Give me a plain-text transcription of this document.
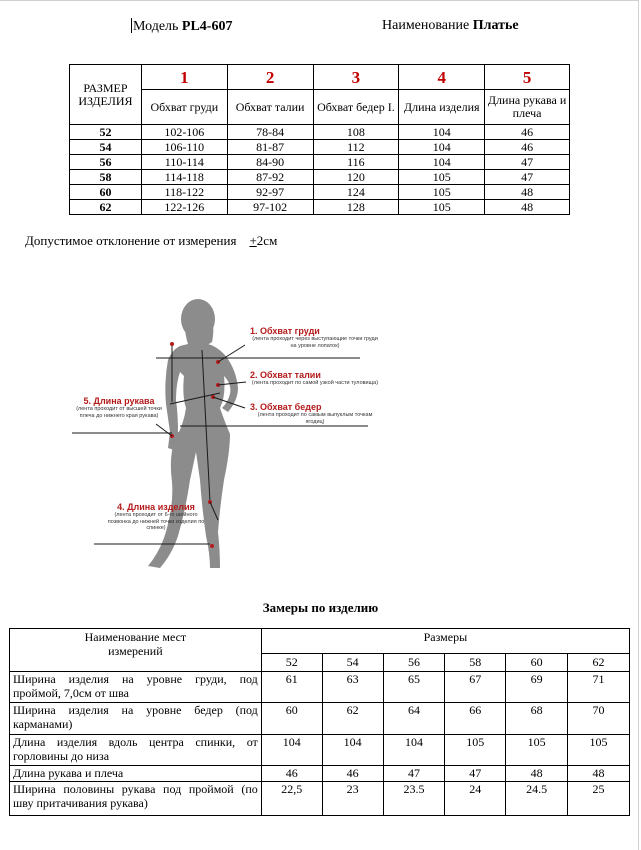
Модель PL4-607	Наименование Платье
РАЗМЕР ИЗДЕЛИЯ	1	2	3	4	5
	Обхват груди	Обхват талии	Обхват бедер I.	Длина изделия	Длина рукава и плеча
52	102-106	78-84	108	104	46
54	106-110	81-87	112	104	46
56	110-114	84-90	116	104	47
58	114-118	87-92	120	105	47
60	118-122	92-97	124	105	48
62	122-126	97-102	128	105	48
Допустимое отклонение от измерения +2см
1. Обхват груди
(лента проходит через выступающие точки груди на уровне лопаток)
2. Обхват талии
(лента проходит по самой узкой части туловища)
3. Обхват бедер
(лента проходит по самым выпуклым точкам ягодиц)
5. Длина рукава
(лента проходит от высшей точки плеча до нижнего края рукава)
4. Длина изделия
(лента проходит от 6-го шейного позвонка до нижней точки изделия по спинке)
Замеры по изделию
Наименование мест измерений	Размеры					
	52	54	56	58	60	62
Ширина изделия на уровне груди, под проймой, 7,0см от шва	61	63	65	67	69	71
Ширина изделия на уровне бедер (под карманами)	60	62	64	66	68	70
Длина изделия вдоль центра спинки, от горловины до низа	104	104	104	105	105	105
Длина рукава и плеча	46	46	47	47	48	48
Ширина половины рукава под проймой (по шву притачивания рукава)	22,5	23	23.5	24	24.5	25
